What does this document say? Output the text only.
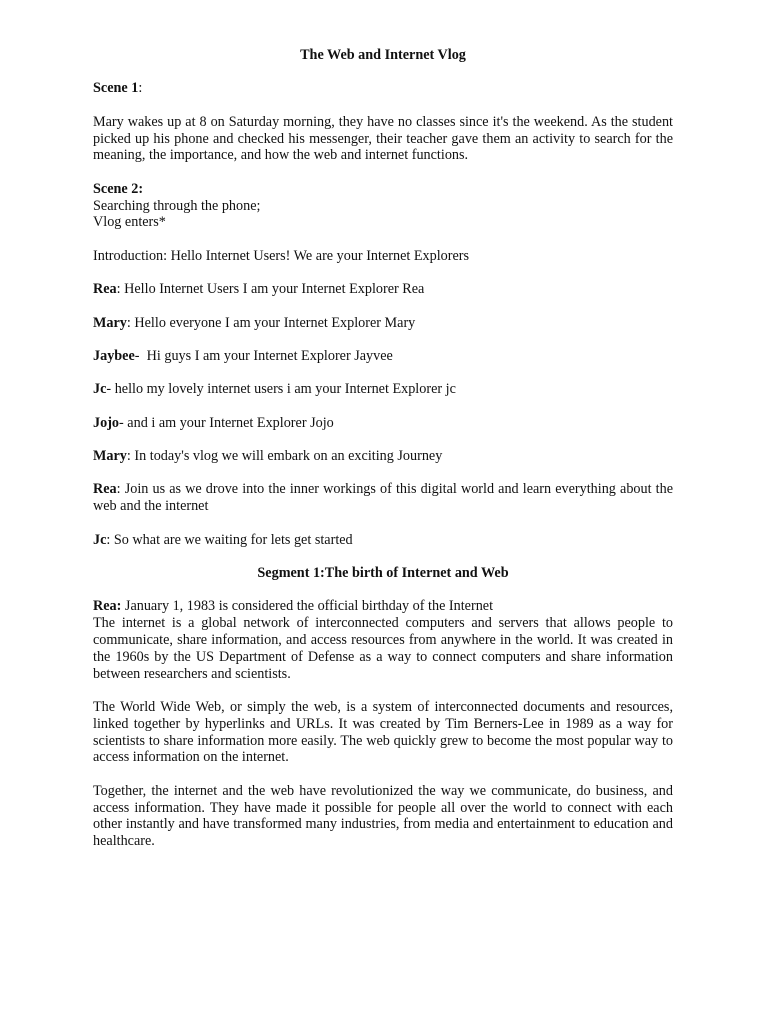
The Web and Internet Vlog

Scene 1:

Mary wakes up at 8 on Saturday morning, they have no classes since it's the weekend. As the student picked up his phone and checked his messenger, their teacher gave them an activity to search for the meaning, the importance, and how the web and internet functions.

Scene 2:
Searching through the phone;
Vlog enters*

Introduction: Hello Internet Users! We are your Internet Explorers

Rea: Hello Internet Users I am your Internet Explorer Rea

Mary: Hello everyone I am your Internet Explorer Mary

Jaybee-  Hi guys I am your Internet Explorer Jayvee

Jc- hello my lovely internet users i am your Internet Explorer jc

Jojo- and i am your Internet Explorer Jojo

Mary: In today's vlog we will embark on an exciting Journey

Rea: Join us as we drove into the inner workings of this digital world and learn everything about the web and the internet

Jc: So what are we waiting for lets get started

Segment 1:The birth of Internet and Web

Rea: January 1, 1983 is considered the official birthday of the Internet
The internet is a global network of interconnected computers and servers that allows people to communicate, share information, and access resources from anywhere in the world. It was created in the 1960s by the US Department of Defense as a way to connect computers and share information between researchers and scientists.

The World Wide Web, or simply the web, is a system of interconnected documents and resources, linked together by hyperlinks and URLs. It was created by Tim Berners-Lee in 1989 as a way for scientists to share information more easily. The web quickly grew to become the most popular way to access information on the internet.

Together, the internet and the web have revolutionized the way we communicate, do business, and access information. They have made it possible for people all over the world to connect with each other instantly and have transformed many industries, from media and entertainment to education and healthcare.
